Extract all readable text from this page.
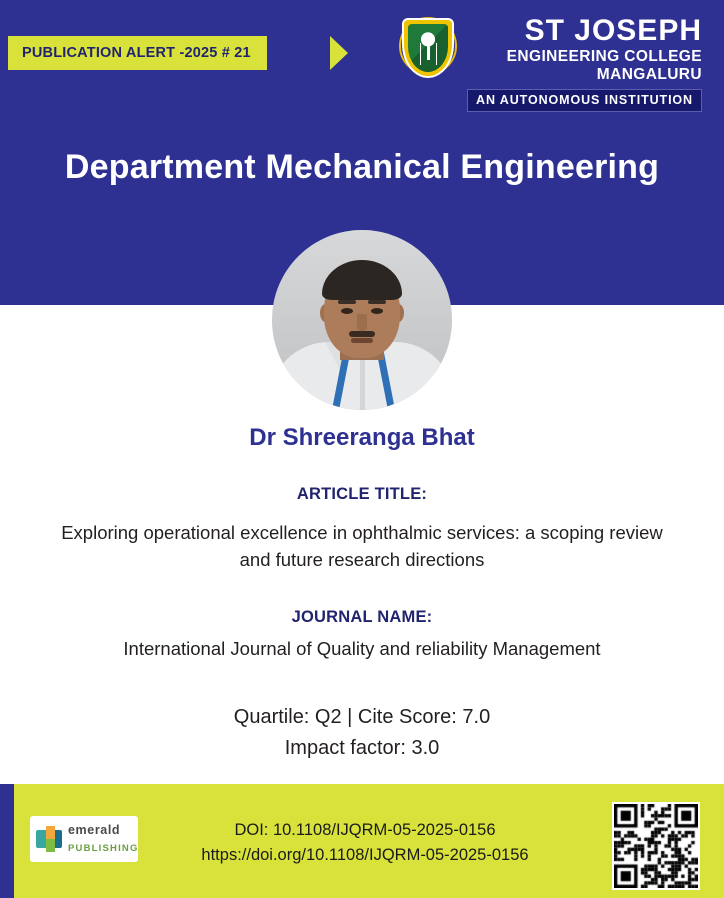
PUBLICATION ALERT -2025 # 21
ST JOSEPH
ENGINEERING COLLEGE
MANGALURU
AN AUTONOMOUS INSTITUTION
Department Mechanical Engineering
Dr Shreeranga Bhat
ARTICLE TITLE:
Exploring operational excellence in ophthalmic services: a scoping review and future research directions
JOURNAL NAME:
International Journal of Quality and reliability Management
Quartile: Q2 | Cite Score: 7.0
Impact factor: 3.0
emerald
PUBLISHING
DOI: 10.1108/IJQRM-05-2025-0156
https://doi.org/10.1108/IJQRM-05-2025-0156
